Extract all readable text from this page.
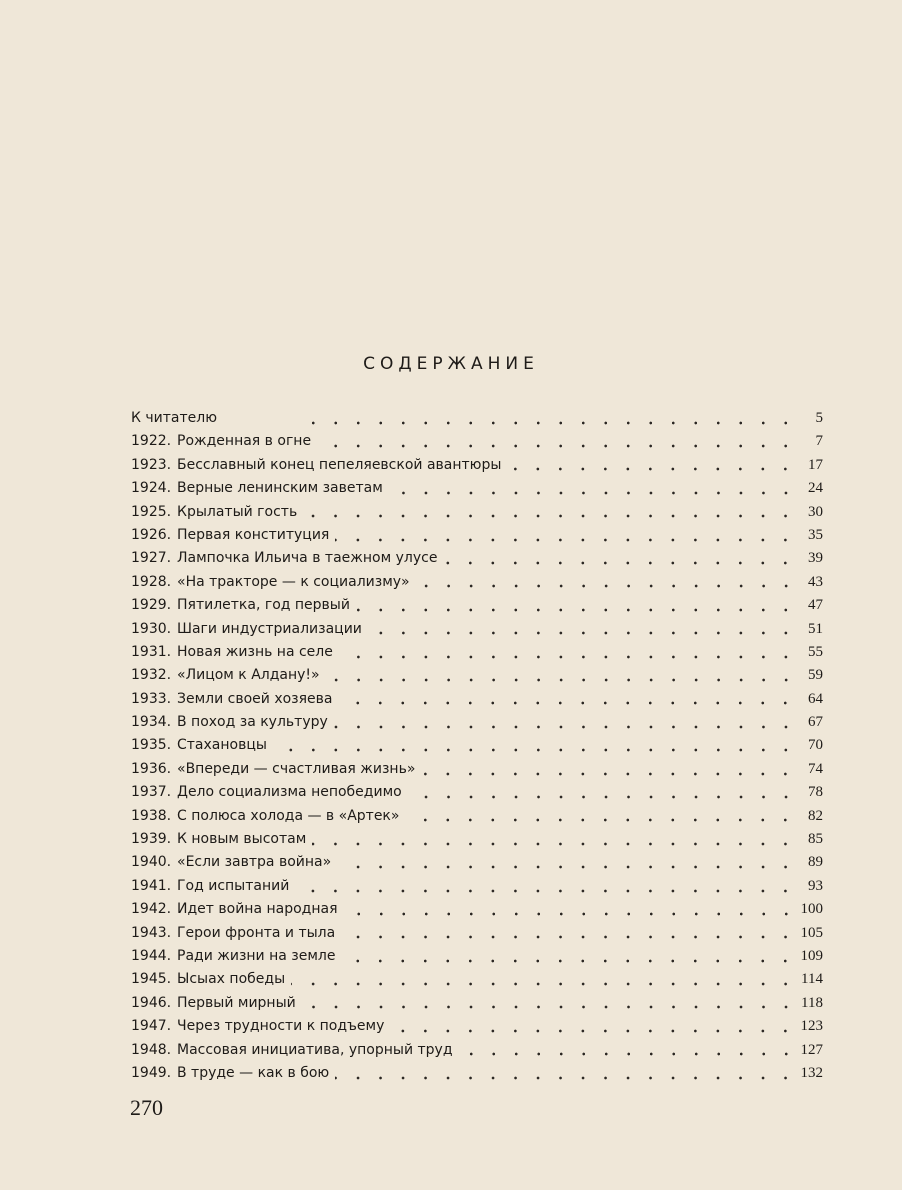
СОДЕРЖАНИЕ
К читателю	5
1922. Рожденная в огне	7
1923. Бесславный конец пепеляевской авантюры	17
1924. Верные ленинским заветам	24
1925. Крылатый гость	30
1926. Первая конституция	35
1927. Лампочка Ильича в таежном улусе	39
1928. «На тракторе — к социализму»	43
1929. Пятилетка, год первый	47
1930. Шаги индустриализации	51
1931. Новая жизнь на селе	55
1932. «Лицом к Алдану!»	59
1933. Земли своей хозяева	64
1934. В поход за культуру	67
1935. Стахановцы	70
1936. «Впереди — счастливая жизнь»	74
1937. Дело социализма непобедимо	78
1938. С полюса холода — в «Артек»	82
1939. К новым высотам	85
1940. «Если завтра война»	89
1941. Год испытаний	93
1942. Идет война народная	100
1943. Герои фронта и тыла	105
1944. Ради жизни на земле	109
1945. Ысыах победы	114
1946. Первый мирный	118
1947. Через трудности к подъему	123
1948. Массовая инициатива, упорный труд	127
1949. В труде — как в бою	132
270
